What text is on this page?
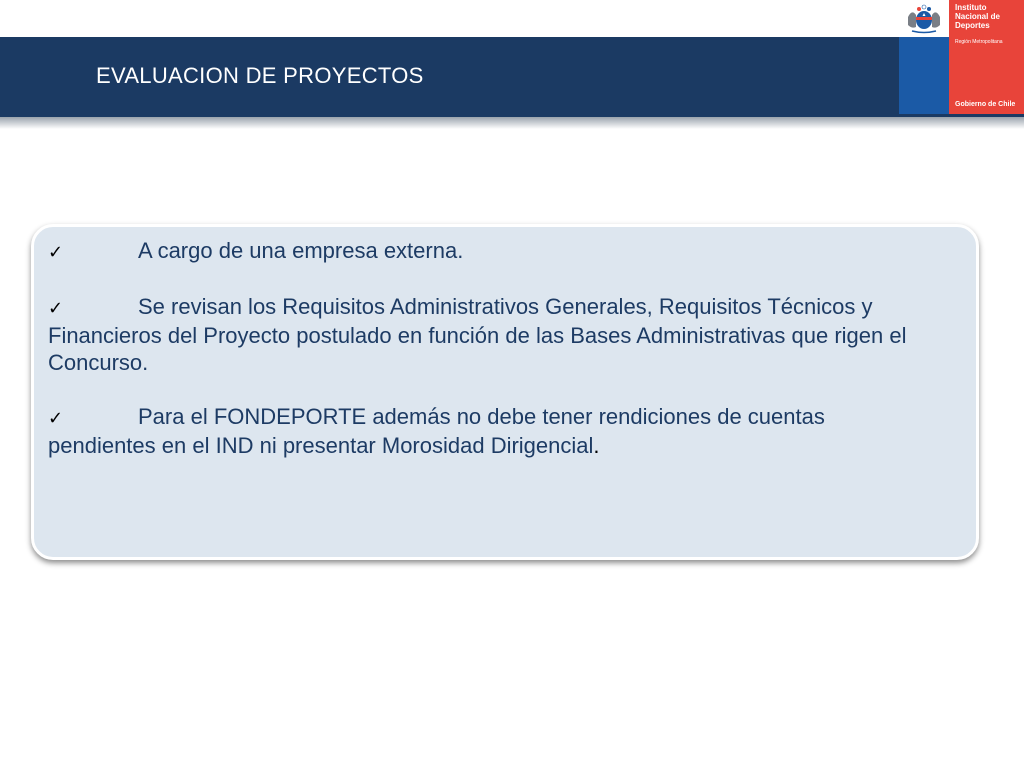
EVALUACION DE PROYECTOS
Instituto
Nacional de
Deportes
Región Metropolitana
Gobierno de Chile

✓	A cargo de una empresa externa.

✓	Se revisan los Requisitos Administrativos Generales, Requisitos Técnicos y Financieros del Proyecto postulado en función de las Bases Administrativas que rigen el Concurso.

✓	Para el FONDEPORTE además no debe tener rendiciones de cuentas pendientes en el IND ni presentar Morosidad Dirigencial.
